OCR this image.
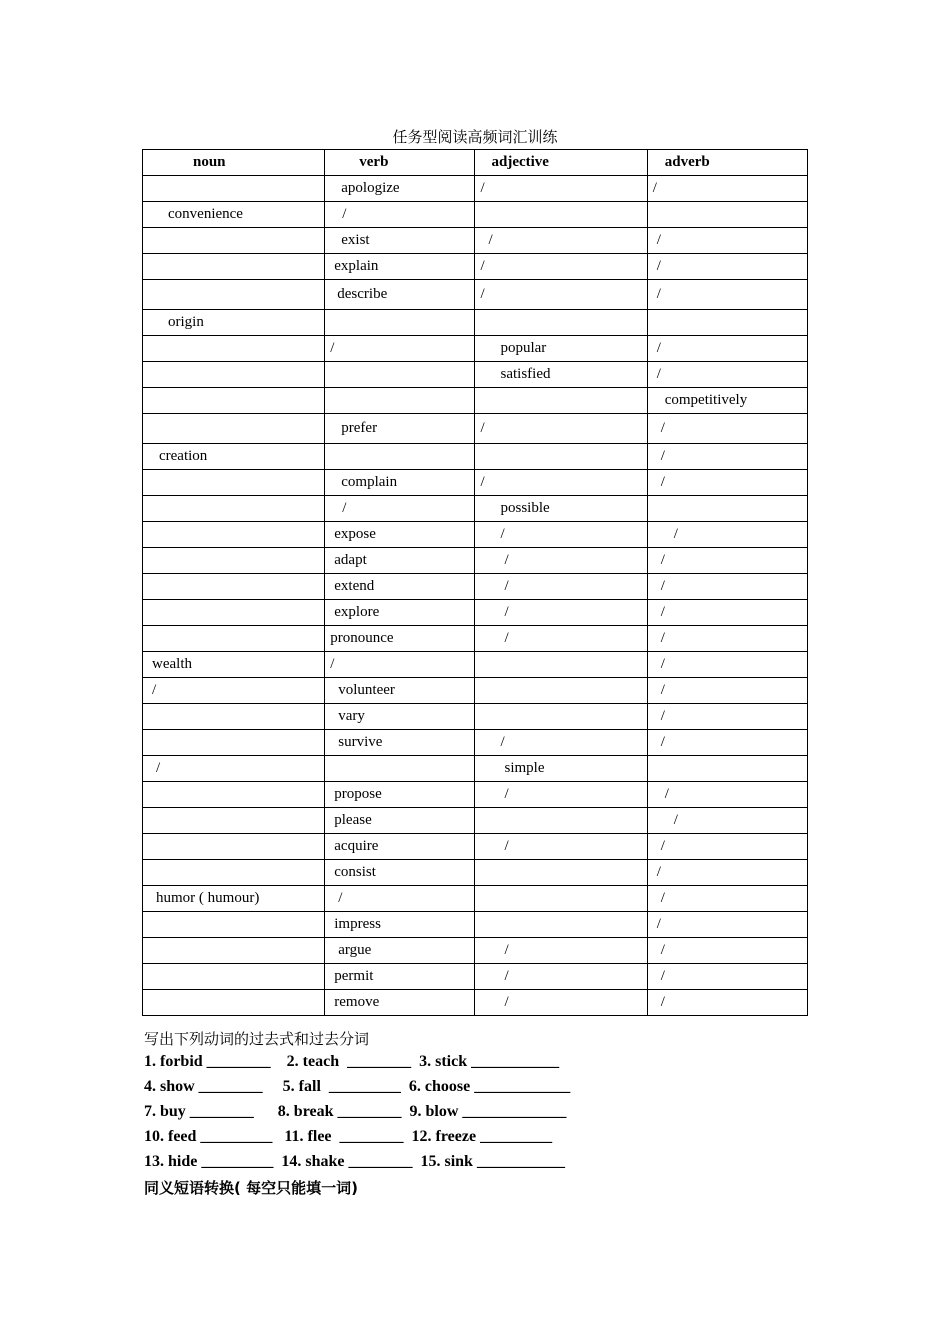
任务型阅读高频词汇训练
noun	verb	adjective	adverb
	apologize	/	/
convenience	/		
	exist	/	/
	explain	/	/
	describe	/	/
origin			
	/	popular	/
		satisfied	/
			competitively
	prefer	/	/
creation			/
	complain	/	/
	/	possible	
	expose	/	/
	adapt	/	/
	extend	/	/
	explore	/	/
	pronounce	/	/
wealth	/		/
/	volunteer		/
	vary		/
	survive	/	/
/		simple	
	propose	/	/
	please		/
	acquire	/	/
	consist		/
humor ( humour)	/		/
	impress		/
	argue	/	/
	permit	/	/
	remove	/	/
写出下列动词的过去式和过去分词
1. forbid ________    2. teach  ________  3. stick ___________
4. show ________     5. fall  _________  6. choose ____________
7. buy ________      8. break ________  9. blow _____________
10. feed _________   11. flee  ________  12. freeze _________
13. hide _________  14. shake ________  15. sink ___________
同义短语转换( 每空只能填一词)
